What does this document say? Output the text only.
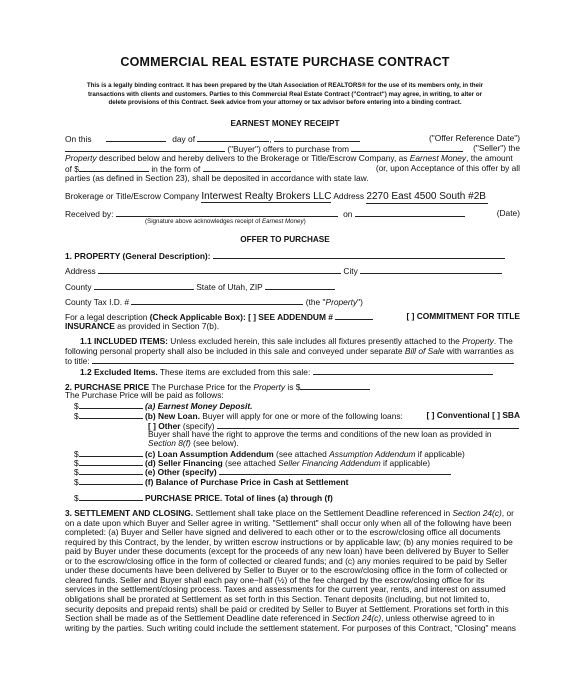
COMMERCIAL REAL ESTATE PURCHASE CONTRACT
This is a legally binding contract. It has been prepared by the Utah Association of REALTORS® for the use of its members only, in their
transactions with clients and customers. Parties to this Commercial Real Estate Contract ("Contract") may agree, in writing, to alter or
delete provisions of this Contract. Seek advice from your attorney or tax advisor before entering into a binding contract.
EARNEST MONEY RECEIPT
On this	day of	,	("Offer Reference Date")
("Buyer") offers to purchase from	("Seller") the
Property described below and hereby delivers to the Brokerage or Title/Escrow Company, as Earnest Money, the amount
of $	in the form of	(or, upon Acceptance of this offer by all
parties (as defined in Section 23), shall be deposited in accordance with state law.
Brokerage or Title/Escrow Company Interwest Realty Brokers LLC Address 2270 East 4500 South #2B
Received by:	on	(Date)
(Signature above acknowledges receipt of Earnest Money)
OFFER TO PURCHASE
1. PROPERTY (General Description):
Address	City
County	State of Utah, ZIP
County Tax I.D. #	(the "Property")
For a legal description (Check Applicable Box): [ ] SEE ADDENDUM #	[ ] COMMITMENT FOR TITLE
INSURANCE as provided in Section 7(b).
1.1 INCLUDED ITEMS: Unless excluded herein, this sale includes all fixtures presently attached to the Property. The
following personal property shall also be included in this sale and conveyed under separate Bill of Sale with warranties as
to title:
1.2 Excluded Items. These items are excluded from this sale:
2. PURCHASE PRICE The Purchase Price for the Property is $
The Purchase Price will be paid as follows:
$	(a) Earnest Money Deposit.
$	(b) New Loan. Buyer will apply for one or more of the following loans:	[ ] Conventional [ ] SBA
[ ] Other (specify)
Buyer shall have the right to approve the terms and conditions of the new loan as provided in
Section 8(f) (see below).
$	(c) Loan Assumption Addendum (see attached Assumption Addendum if applicable)
$	(d) Seller Financing (see attached Seller Financing Addendum if applicable)
$	(e) Other (specify)
$	(f) Balance of Purchase Price in Cash at Settlement
$	PURCHASE PRICE. Total of lines (a) through (f)
3. SETTLEMENT AND CLOSING. Settlement shall take place on the Settlement Deadline referenced in Section 24(c), or
on a date upon which Buyer and Seller agree in writing. "Settlement" shall occur only when all of the following have been
completed: (a) Buyer and Seller have signed and delivered to each other or to the escrow/closing office all documents
required by this Contract, by the lender, by written escrow instructions or by applicable law; (b) any monies required to be
paid by Buyer under these documents (except for the proceeds of any new loan) have been delivered by Buyer to Seller
or to the escrow/closing office in the form of collected or cleared funds; and (c) any monies required to be paid by Seller
under these documents have been delivered by Seller to Buyer or to the escrow/closing office in the form of collected or
cleared funds. Seller and Buyer shall each pay one−half (½) of the fee charged by the escrow/closing office for its
services in the settlement/closing process. Taxes and assessments for the current year, rents, and interest on assumed
obligations shall be prorated at Settlement as set forth in this Section. Tenant deposits (including, but not limited to,
security deposits and prepaid rents) shall be paid or credited by Seller to Buyer at Settlement. Prorations set forth in this
Section shall be made as of the Settlement Deadline date referenced in Section 24(c), unless otherwise agreed to in
writing by the parties. Such writing could include the settlement statement. For purposes of this Contract, "Closing" means
